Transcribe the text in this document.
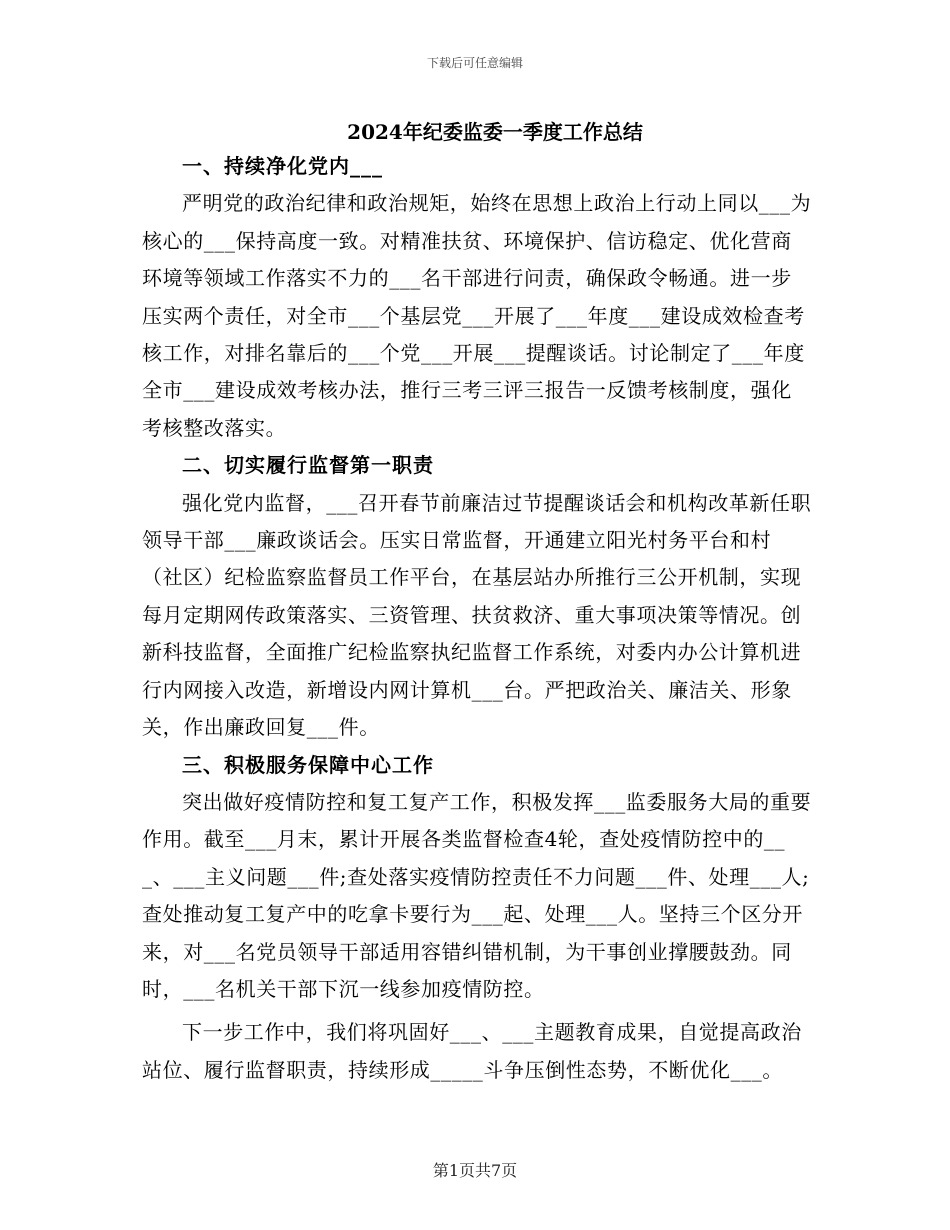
下载后可任意编辑
2024年纪委监委一季度工作总结

一、持续净化党内___

严明党的政治纪律和政治规矩，始终在思想上政治上行动上同以___为核心的___保持高度一致。对精准扶贫、环境保护、信访稳定、优化营商环境等领域工作落实不力的___名干部进行问责，确保政令畅通。进一步压实两个责任，对全市___个基层党___开展了___年度___建设成效检查考核工作，对排名靠后的___个党___开展___提醒谈话。讨论制定了___年度全市___建设成效考核办法，推行三考三评三报告一反馈考核制度，强化考核整改落实。

二、切实履行监督第一职责

强化党内监督，___召开春节前廉洁过节提醒谈话会和机构改革新任职领导干部___廉政谈话会。压实日常监督，开通建立阳光村务平台和村（社区）纪检监察监督员工作平台，在基层站办所推行三公开机制，实现每月定期网传政策落实、三资管理、扶贫救济、重大事项决策等情况。创新科技监督，全面推广纪检监察执纪监督工作系统，对委内办公计算机进行内网接入改造，新增设内网计算机___台。严把政治关、廉洁关、形象关，作出廉政回复___件。

三、积极服务保障中心工作

突出做好疫情防控和复工复产工作，积极发挥___监委服务大局的重要作用。截至___月末，累计开展各类监督检查4轮，查处疫情防控中的___、___主义问题___件;查处落实疫情防控责任不力问题___件、处理___人;查处推动复工复产中的吃拿卡要行为___起、处理___人。坚持三个区分开来，对___名党员领导干部适用容错纠错机制，为干事创业撑腰鼓劲。同时，___名机关干部下沉一线参加疫情防控。

下一步工作中，我们将巩固好___、___主题教育成果，自觉提高政治站位、履行监督职责，持续形成_____斗争压倒性态势，不断优化___。

第1页共7页
